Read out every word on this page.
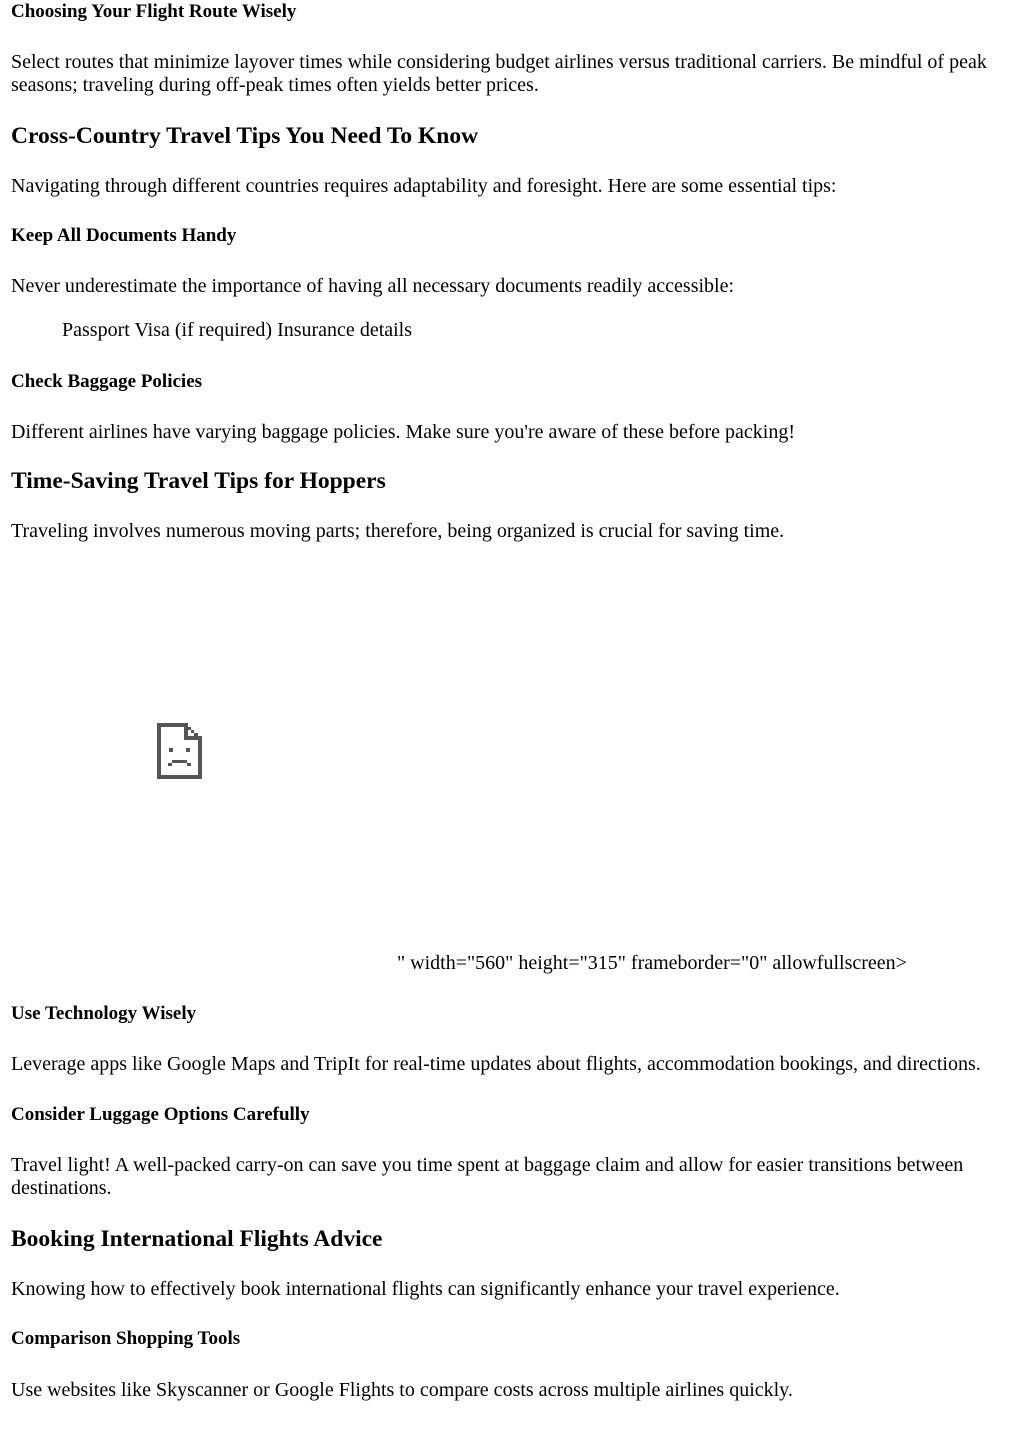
Choosing Your Flight Route Wisely

Select routes that minimize layover times while considering budget airlines versus traditional carriers. Be mindful of peak seasons; traveling during off-peak times often yields better prices.

Cross-Country Travel Tips You Need To Know

Navigating through different countries requires adaptability and foresight. Here are some essential tips:

Keep All Documents Handy

Never underestimate the importance of having all necessary documents readily accessible:

Passport Visa (if required) Insurance details
Check Baggage Policies

Different airlines have varying baggage policies. Make sure you're aware of these before packing!

Time-Saving Travel Tips for Hoppers

Traveling involves numerous moving parts; therefore, being organized is crucial for saving time.

" width="560" height="315" frameborder="0" allowfullscreen>
Use Technology Wisely

Leverage apps like Google Maps and TripIt for real-time updates about flights, accommodation bookings, and directions.

Consider Luggage Options Carefully

Travel light! A well-packed carry-on can save you time spent at baggage claim and allow for easier transitions between destinations.

Booking International Flights Advice

Knowing how to effectively book international flights can significantly enhance your travel experience.

Comparison Shopping Tools

Use websites like Skyscanner or Google Flights to compare costs across multiple airlines quickly.
